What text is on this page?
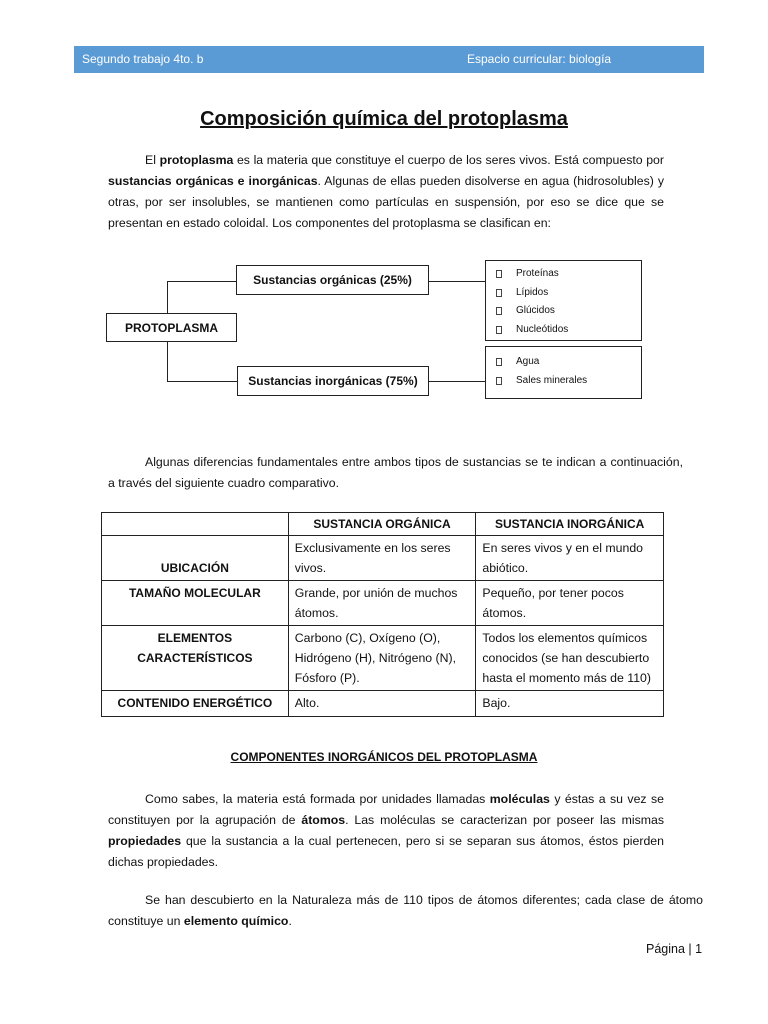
Segundo trabajo 4to. b	Espacio curricular: biología
Composición química del protoplasma
El protoplasma es la materia que constituye el cuerpo de los seres vivos. Está compuesto por sustancias orgánicas e inorgánicas. Algunas de ellas pueden disolverse en agua (hidrosolubles) y otras, por ser insolubles, se mantienen como partículas en suspensión, por eso se dice que se presentan en estado coloidal. Los componentes del protoplasma se clasifican en:
PROTOPLASMA
Sustancias orgánicas (25%)
Sustancias inorgánicas (75%)
Proteínas
Lípidos
Glúcidos
Nucleótidos
Agua
Sales minerales
Algunas diferencias fundamentales entre ambos tipos de sustancias se te indican a continuación, a través del siguiente cuadro comparativo.
	SUSTANCIA ORGÁNICA	SUSTANCIA INORGÁNICA
UBICACIÓN	Exclusivamente en los seres vivos.	En seres vivos y en el mundo abiótico.
TAMAÑO MOLECULAR	Grande, por unión de muchos átomos.	Pequeño, por tener pocos átomos.
ELEMENTOS CARACTERÍSTICOS	Carbono (C), Oxígeno (O), Hidrógeno (H), Nitrógeno (N), Fósforo (P).	Todos los elementos químicos conocidos (se han descubierto hasta el momento más de 110)
CONTENIDO ENERGÉTICO	Alto.	Bajo.
COMPONENTES INORGÁNICOS DEL PROTOPLASMA
Como sabes, la materia está formada por unidades llamadas moléculas y éstas a su vez se constituyen por la agrupación de átomos. Las moléculas se caracterizan por poseer las mismas propiedades que la sustancia a la cual pertenecen, pero si se separan sus átomos, éstos pierden dichas propiedades.
Se han descubierto en la Naturaleza más de 110 tipos de átomos diferentes; cada clase de átomo constituye un elemento químico.
Página | 1
